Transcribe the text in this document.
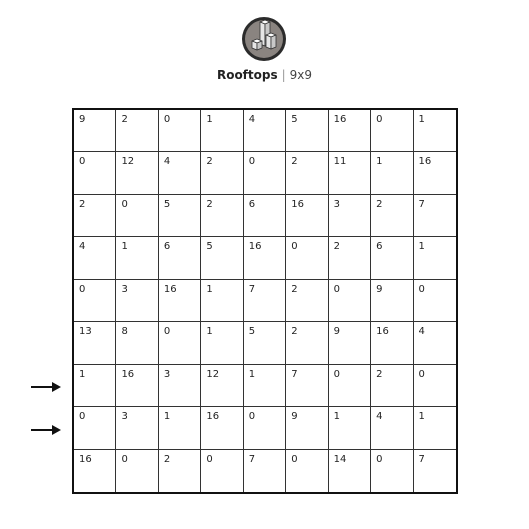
Rooftops | 9x9
9	2	0	1	4	5	16	0	1
0	12	4	2	0	2	11	1	16
2	0	5	2	6	16	3	2	7
4	1	6	5	16	0	2	6	1
0	3	16	1	7	2	0	9	0
13	8	0	1	5	2	9	16	4
1	16	3	12	1	7	0	2	0
0	3	1	16	0	9	1	4	1
16	0	2	0	7	0	14	0	7
